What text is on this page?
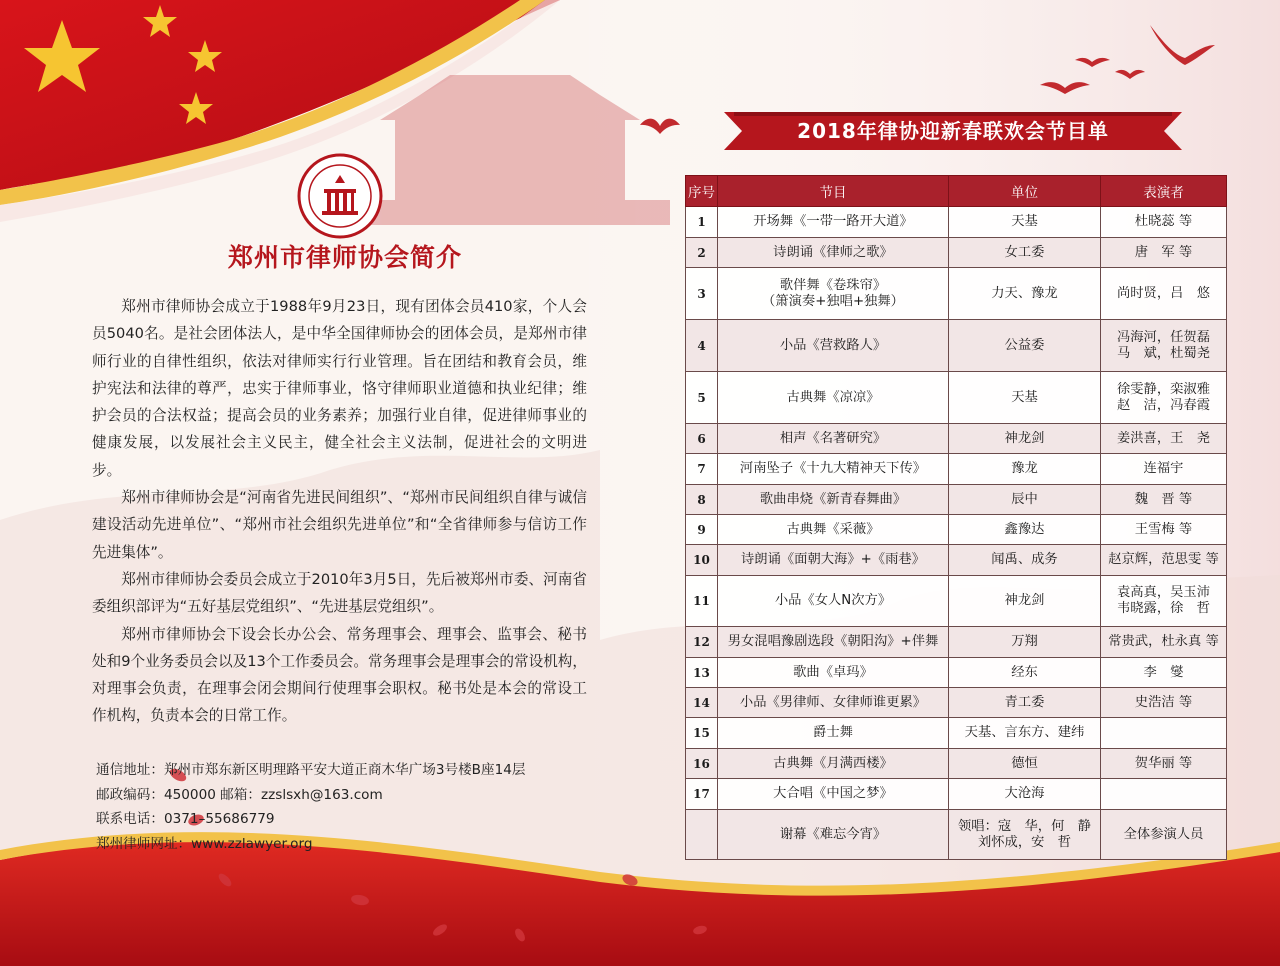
郑州市律师协会简介

郑州市律师协会成立于1988年9月23日，现有团体会员410家，个人会员5040名。是社会团体法人，是中华全国律师协会的团体会员，是郑州市律师行业的自律性组织，依法对律师实行行业管理。旨在团结和教育会员，维护宪法和法律的尊严，忠实于律师事业，恪守律师职业道德和执业纪律；维护会员的合法权益；提高会员的业务素养；加强行业自律，促进律师事业的健康发展，以发展社会主义民主，健全社会主义法制，促进社会的文明进步。

郑州市律师协会是“河南省先进民间组织”、“郑州市民间组织自律与诚信建设活动先进单位”、“郑州市社会组织先进单位”和“全省律师参与信访工作先进集体”。

郑州市律师协会委员会成立于2010年3月5日，先后被郑州市委、河南省委组织部评为“五好基层党组织”、“先进基层党组织”。

郑州市律师协会下设会长办公会、常务理事会、理事会、监事会、秘书处和9个业务委员会以及13个工作委员会。常务理事会是理事会的常设机构，对理事会负责，在理事会闭会期间行使理事会职权。秘书处是本会的常设工作机构，负责本会的日常工作。

通信地址：郑州市郑东新区明理路平安大道正商木华广场3号楼B座14层
邮政编码：450000 邮箱：zzslsxh@163.com
联系电话：0371–55686779
郑州律师网址：www.zzlawyer.org
2018年律协迎新春联欢会节目单
序号	节目	单位	表演者
1	开场舞《一带一路开大道》	天基	杜晓蕊 等

2	诗朗诵《律师之歌》	女工委	唐　军 等

3	歌伴舞《卷珠帘》
（箫演奏+独唱+独舞）	力天、豫龙	尚时贤，吕　悠

4	小品《营救路人》	公益委	冯海河，任贺磊
马　斌，杜蜀尧

5	古典舞《凉凉》	天基	徐雯静，栾淑雅
赵　洁，冯春霞

6	相声《名著研究》	神龙剑	姜洪喜，王　尧

7	河南坠子《十九大精神天下传》	豫龙	连福宇

8	歌曲串烧《新青春舞曲》	辰中	魏　晋 等

9	古典舞《采薇》	鑫豫达	王雪梅 等

10	诗朗诵《面朝大海》+《雨巷》	闻禹、成务	赵京辉，范思雯 等

11	小品《女人N次方》	神龙剑	袁高真，吴玉沛
韦晓露，徐　哲

12	男女混唱豫剧选段《朝阳沟》+伴舞	万翔	常贵武，杜永真 等

13	歌曲《卓玛》	经东	李　燮

14	小品《男律师、女律师谁更累》	青工委	史浩洁 等

15	爵士舞	天基、言东方、建纬	

16	古典舞《月满西楼》	德恒	贺华丽 等

17	大合唱《中国之梦》	大沧海	

	谢幕《难忘今宵》	领唱：寇　华，何　静
刘怀成，安　哲	全体参演人员
